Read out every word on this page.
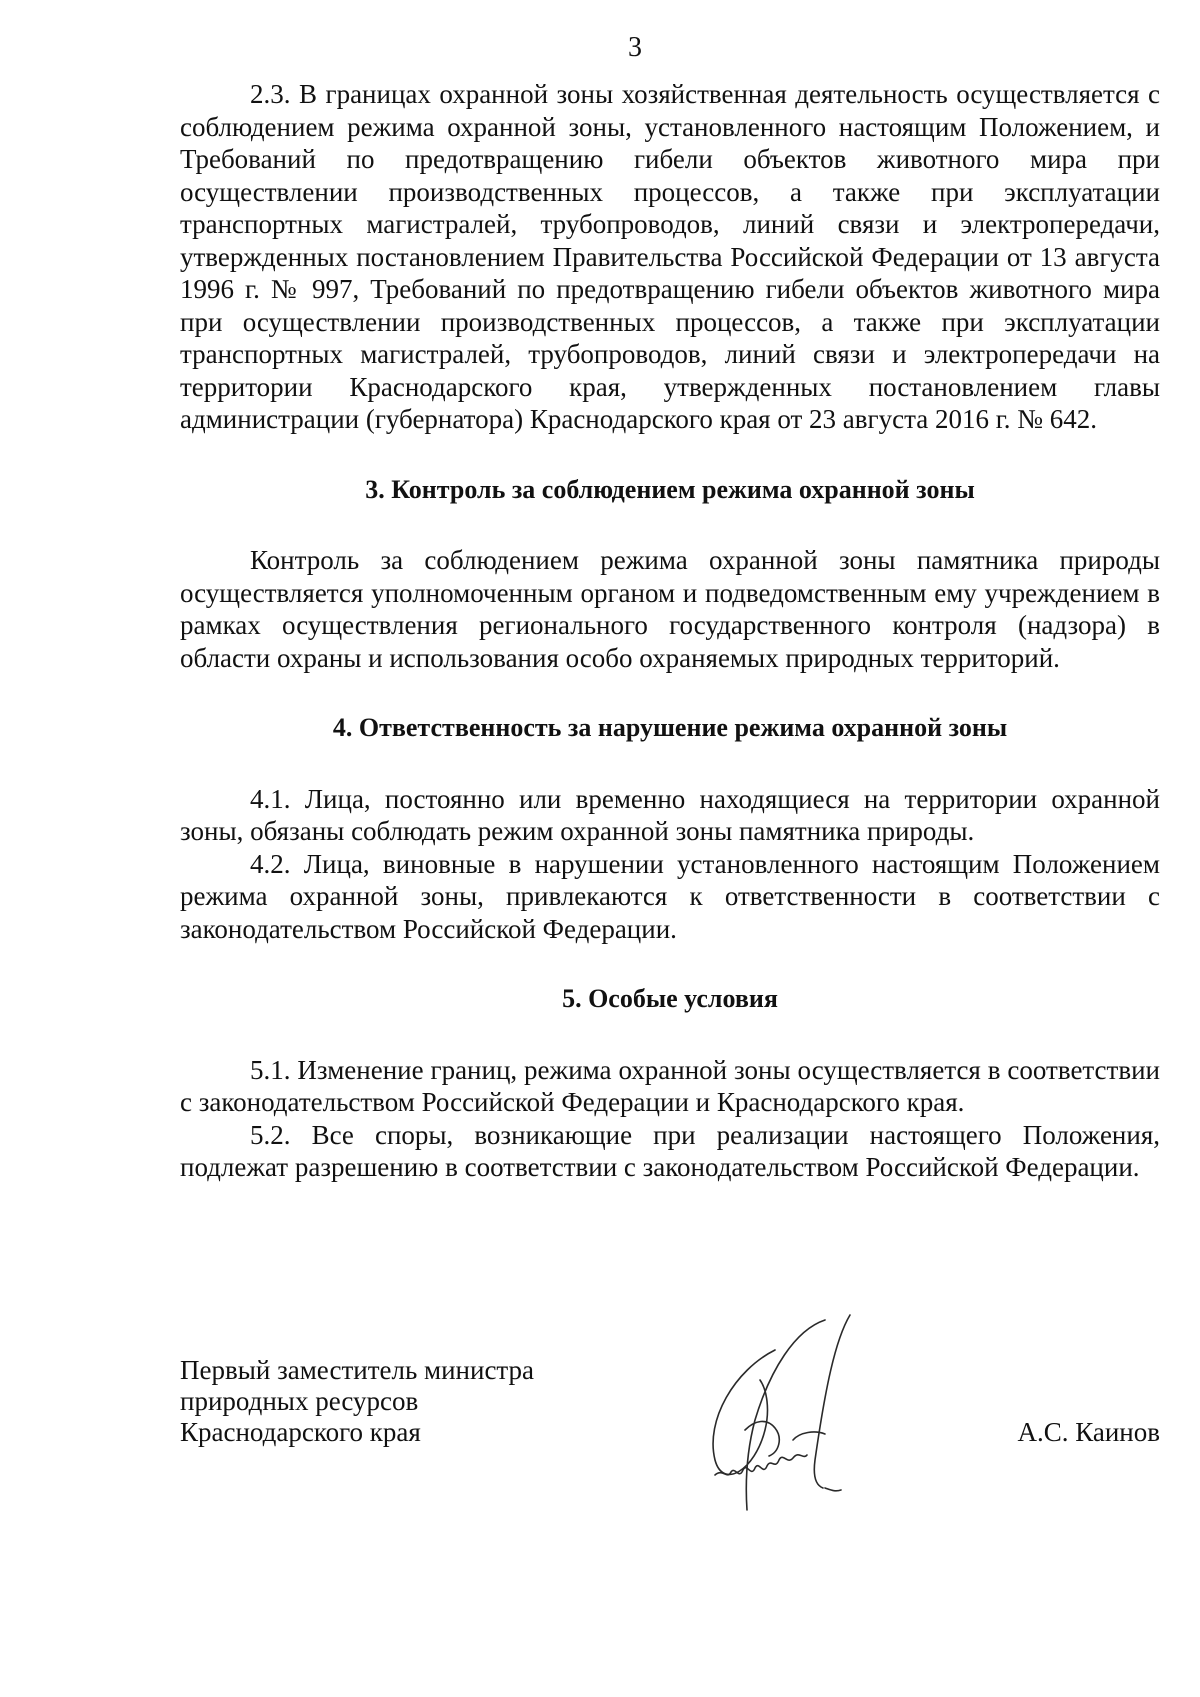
3

2.3. В границах охранной зоны хозяйственная деятельность осуществляется с соблюдением режима охранной зоны, установленного настоящим Положением, и Требований по предотвращению гибели объектов животного мира при осуществлении производственных процессов, а также при эксплуатации транспортных магистралей, трубопроводов, линий связи и электропередачи, утвержденных постановлением Правительства Российской Федерации от 13 августа 1996 г. № 997, Требований по предотвращению гибели объектов животного мира при осуществлении производственных процессов, а также при эксплуатации транспортных магистралей, трубопроводов, линий связи и электропередачи на территории Краснодарского края, утвержденных постановлением главы администрации (губернатора) Краснодарского края от 23 августа 2016 г. № 642.

3. Контроль за соблюдением режима охранной зоны

Контроль за соблюдением режима охранной зоны памятника природы осуществляется уполномоченным органом и подведомственным ему учреждением в рамках осуществления регионального государственного контроля (надзора) в области охраны и использования особо охраняемых природных территорий.

4. Ответственность за нарушение режима охранной зоны

4.1. Лица, постоянно или временно находящиеся на территории охранной зоны, обязаны соблюдать режим охранной зоны памятника природы.

4.2. Лица, виновные в нарушении установленного настоящим Положением режима охранной зоны, привлекаются к ответственности в соответствии с законодательством Российской Федерации.

5. Особые условия

5.1. Изменение границ, режима охранной зоны осуществляется в соответствии с законодательством Российской Федерации и Краснодарского края.

5.2. Все споры, возникающие при реализации настоящего Положения, подлежат разрешению в соответствии с законодательством Российской Федерации.

Первый заместитель министра
природных ресурсов
Краснодарского края	А.С. Каинов
